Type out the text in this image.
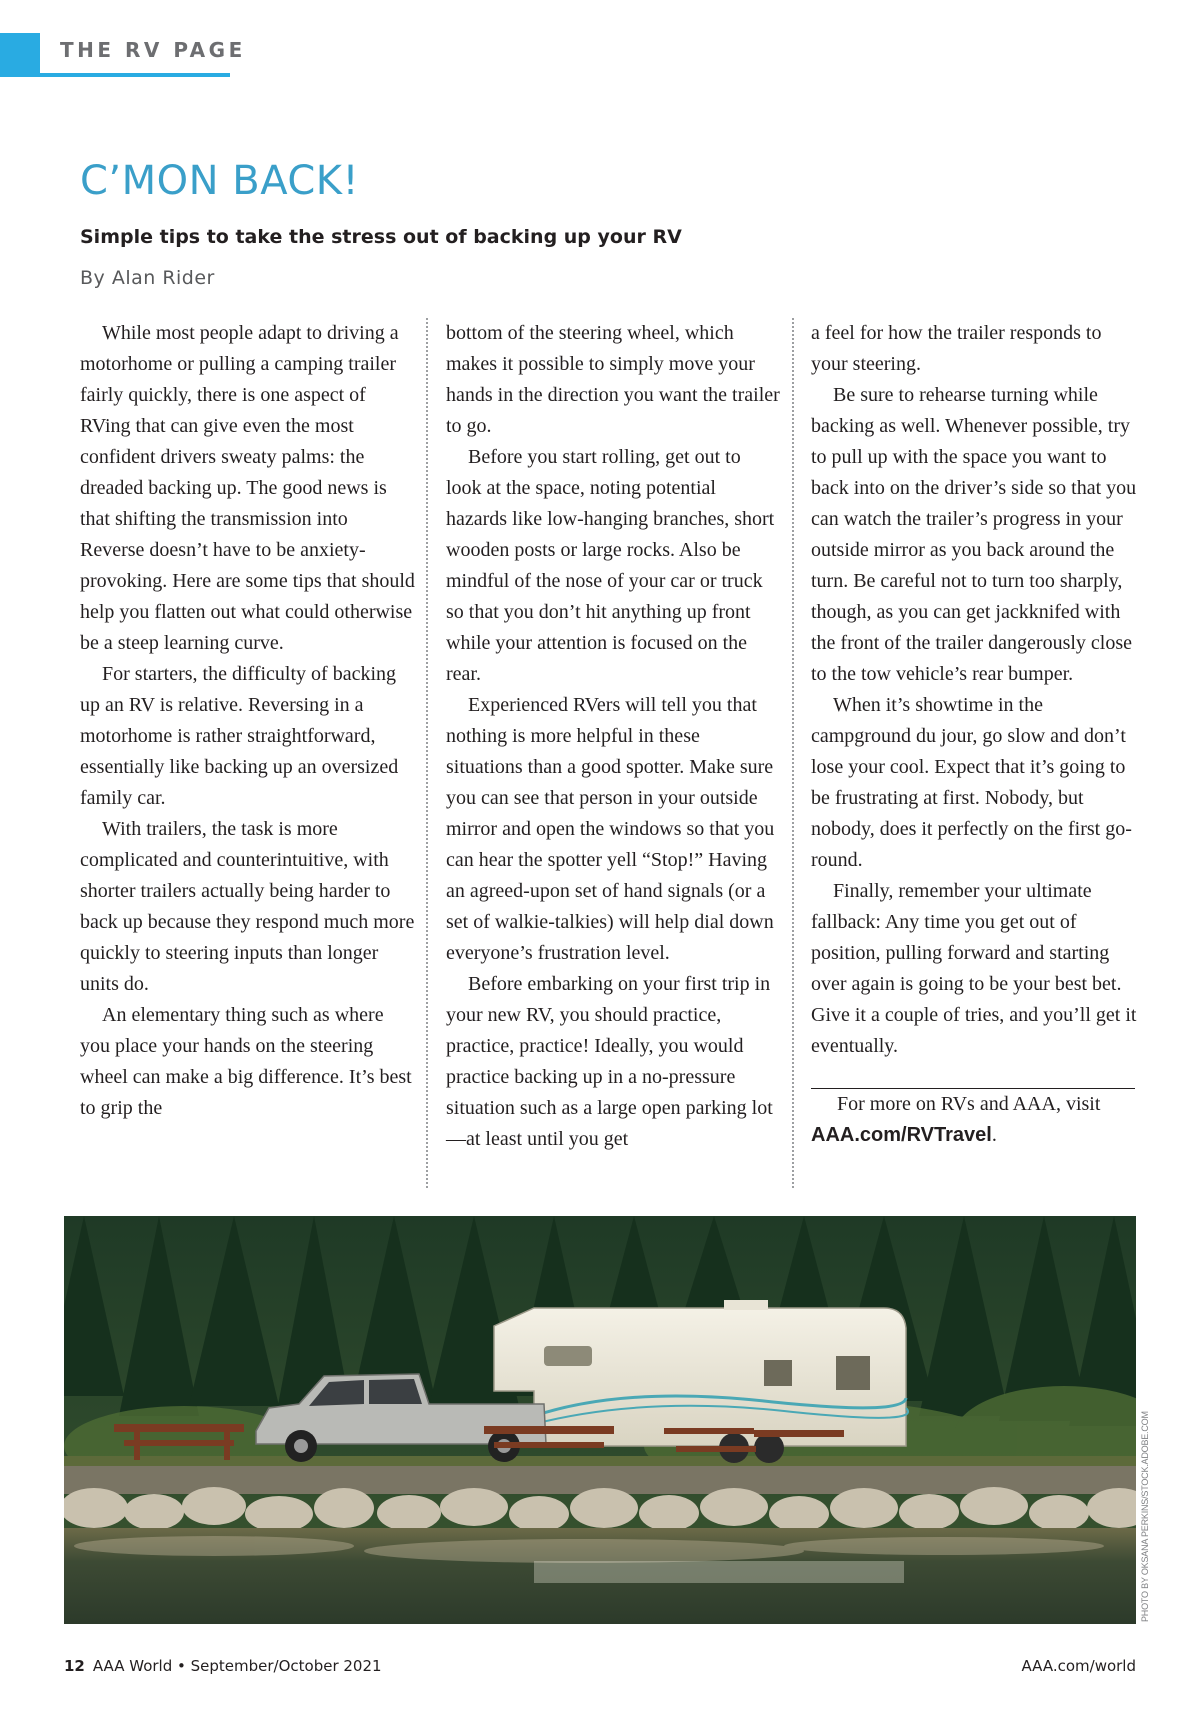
THE RV PAGE
C’MON BACK!
Simple tips to take the stress out of backing up your RV

By Alan Rider

While most people adapt to driving a motorhome or pulling a camping trailer fairly quickly, there is one aspect of RVing that can give even the most confident drivers sweaty palms: the dreaded backing up. The good news is that shifting the transmission into Reverse doesn’t have to be anxiety-provoking. Here are some tips that should help you flatten out what could otherwise be a steep learning curve.

For starters, the difficulty of backing up an RV is relative. Reversing in a motorhome is rather straightforward, essentially like backing up an oversized family car.

With trailers, the task is more complicated and counterintuitive, with shorter trailers actually being harder to back up because they respond much more quickly to steering inputs than longer units do.

An elementary thing such as where you place your hands on the steering wheel can make a big difference. It’s best to grip the

bottom of the steering wheel, which makes it possible to simply move your hands in the direction you want the trailer to go.

Before you start rolling, get out to look at the space, noting potential hazards like low-hanging branches, short wooden posts or large rocks. Also be mindful of the nose of your car or truck so that you don’t hit anything up front while your attention is focused on the rear.

Experienced RVers will tell you that nothing is more helpful in these situations than a good spotter. Make sure you can see that person in your outside mirror and open the windows so that you can hear the spotter yell “Stop!” Having an agreed-upon set of hand signals (or a set of walkie-talkies) will help dial down everyone’s frustration level.

Before embarking on your first trip in your new RV, you should practice, practice, practice! Ideally, you would practice backing up in a no-pressure situation such as a large open parking lot—at least until you get

a feel for how the trailer responds to your steering.

Be sure to rehearse turning while backing as well. Whenever possible, try to pull up with the space you want to back into on the driver’s side so that you can watch the trailer’s progress in your outside mirror as you back around the turn. Be careful not to turn too sharply, though, as you can get jackknifed with the front of the trailer dangerously close to the tow vehicle’s rear bumper.

When it’s showtime in the campground du jour, go slow and don’t lose your cool. Expect that it’s going to be frustrating at first. Nobody, but nobody, does it perfectly on the first go-round.

Finally, remember your ultimate fallback: Any time you get out of position, pulling forward and starting over again is going to be your best bet. Give it a couple of tries, and you’ll get it eventually.

For more on RVs and AAA, visit
AAA.com/RVTravel.

PHOTO BY OKSANA PERKINS/STOCK.ADOBE.COM
12 AAA World • September/October 2021	AAA.com/world
